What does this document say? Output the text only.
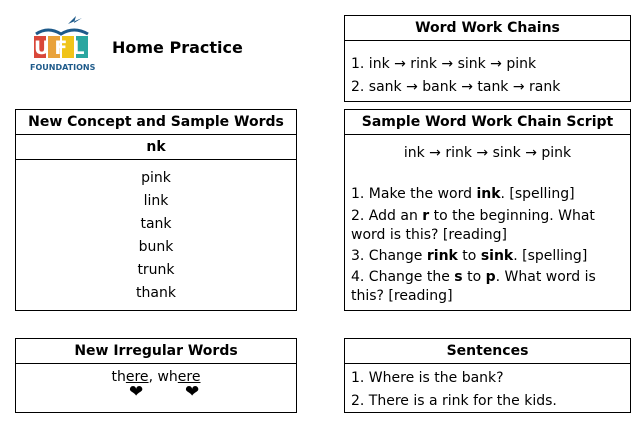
UFLI
FOUNDATIONS
Home Practice
Word Work Chains
1. ink → rink → sink → pink
2. sank → bank → tank → rank
New Concept and Sample Words
nk
pink
link
tank
bunk
trunk
thank
Sample Word Work Chain Script
ink → rink → sink → pink
1. Make the word ink. [spelling]
2. Add an r to the beginning. What
word is this? [reading]
3. Change rink to sink. [spelling]
4. Change the s to p. What word is
this? [reading]
New Irregular Words
there, where
❤ ❤
Sentences
1. Where is the bank?
2. There is a rink for the kids.
